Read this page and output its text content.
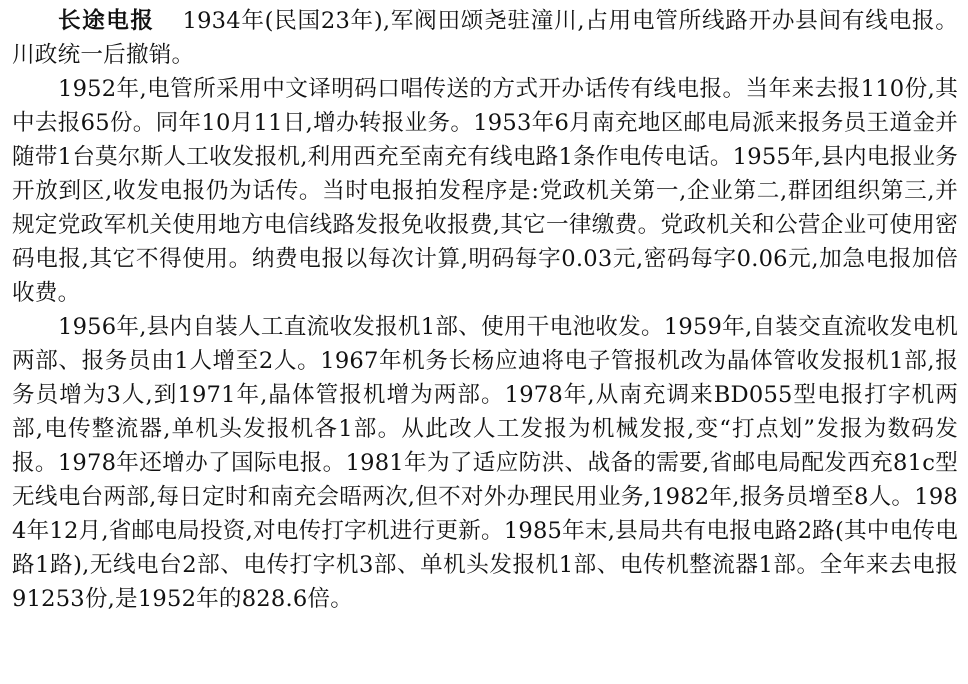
长途电报 1934年(民国23年),军阀田颂尧驻潼川,占用电管所线路开办县间有线电报。川政统一后撤销。

1952年,电管所采用中文译明码口唱传送的方式开办话传有线电报。当年来去报110份,其中去报65份。同年10月11日,增办转报业务。1953年6月南充地区邮电局派来报务员王道金并随带1台莫尔斯人工收发报机,利用西充至南充有线电路1条作电传电话。1955年,县内电报业务开放到区,收发电报仍为话传。当时电报拍发程序是:党政机关第一,企业第二,群团组织第三,并规定党政军机关使用地方电信线路发报免收报费,其它一律缴费。党政机关和公营企业可使用密码电报,其它不得使用。纳费电报以每次计算,明码每字0.03元,密码每字0.06元,加急电报加倍收费。

1956年,县内自装人工直流收发报机1部、使用干电池收发。1959年,自装交直流收发电机两部、报务员由1人增至2人。1967年机务长杨应迪将电子管报机改为晶体管收发报机1部,报务员增为3人,到1971年,晶体管报机增为两部。1978年,从南充调来BD055型电报打字机两部,电传整流器,单机头发报机各1部。从此改人工发报为机械发报,变“打点划”发报为数码发报。1978年还增办了国际电报。1981年为了适应防洪、战备的需要,省邮电局配发西充81c型无线电台两部,每日定时和南充会晤两次,但不对外办理民用业务,1982年,报务员增至8人。1984年12月,省邮电局投资,对电传打字机进行更新。1985年末,县局共有电报电路2路(其中电传电路1路),无线电台2部、电传打字机3部、单机头发报机1部、电传机整流器1部。全年来去电报91253份,是1952年的828.6倍。
